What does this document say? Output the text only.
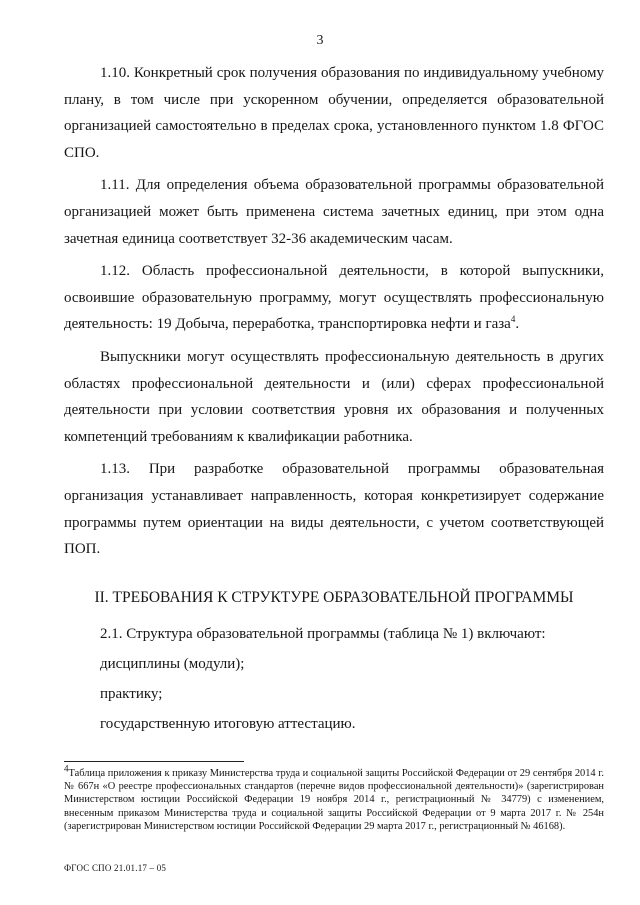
3

1.10. Конкретный срок получения образования по индивидуальному учебному плану, в том числе при ускоренном обучении, определяется образовательной организацией самостоятельно в пределах срока, установленного пунктом 1.8 ФГОС СПО.

1.11. Для определения объема образовательной программы образовательной организацией может быть применена система зачетных единиц, при этом одна зачетная единица соответствует 32-36 академическим часам.

1.12. Область профессиональной деятельности, в которой выпускники, освоившие образовательную программу, могут осуществлять профессиональную деятельность: 19 Добыча, переработка, транспортировка нефти и газа$^4$.

Выпускники могут осуществлять профессиональную деятельность в других областях профессиональной деятельности и (или) сферах профессиональной деятельности при условии соответствия уровня их образования и полученных компетенций требованиям к квалификации работника.

1.13. При разработке образовательной программы образовательная организация устанавливает направленность, которая конкретизирует содержание программы путем ориентации на виды деятельности, с учетом соответствующей ПОП.

II. ТРЕБОВАНИЯ К СТРУКТУРЕ ОБРАЗОВАТЕЛЬНОЙ ПРОГРАММЫ

2.1. Структура образовательной программы (таблица № 1) включают:

дисциплины (модули);

практику;

государственную итоговую аттестацию.

$^4$Таблица приложения к приказу Министерства труда и социальной защиты Российской Федерации от 29 сентября 2014 г. № 667н «О реестре профессиональных стандартов (перечне видов профессиональной деятельности)» (зарегистрирован Министерством юстиции Российской Федерации 19 ноября 2014 г., регистрационный № 34779) с изменением, внесенным приказом Министерства труда и социальной защиты Российской Федерации от 9 марта 2017 г. № 254н (зарегистрирован Министерством юстиции Российской Федерации 29 марта 2017 г., регистрационный № 46168).
ФГОС СПО 21.01.17 – 05
